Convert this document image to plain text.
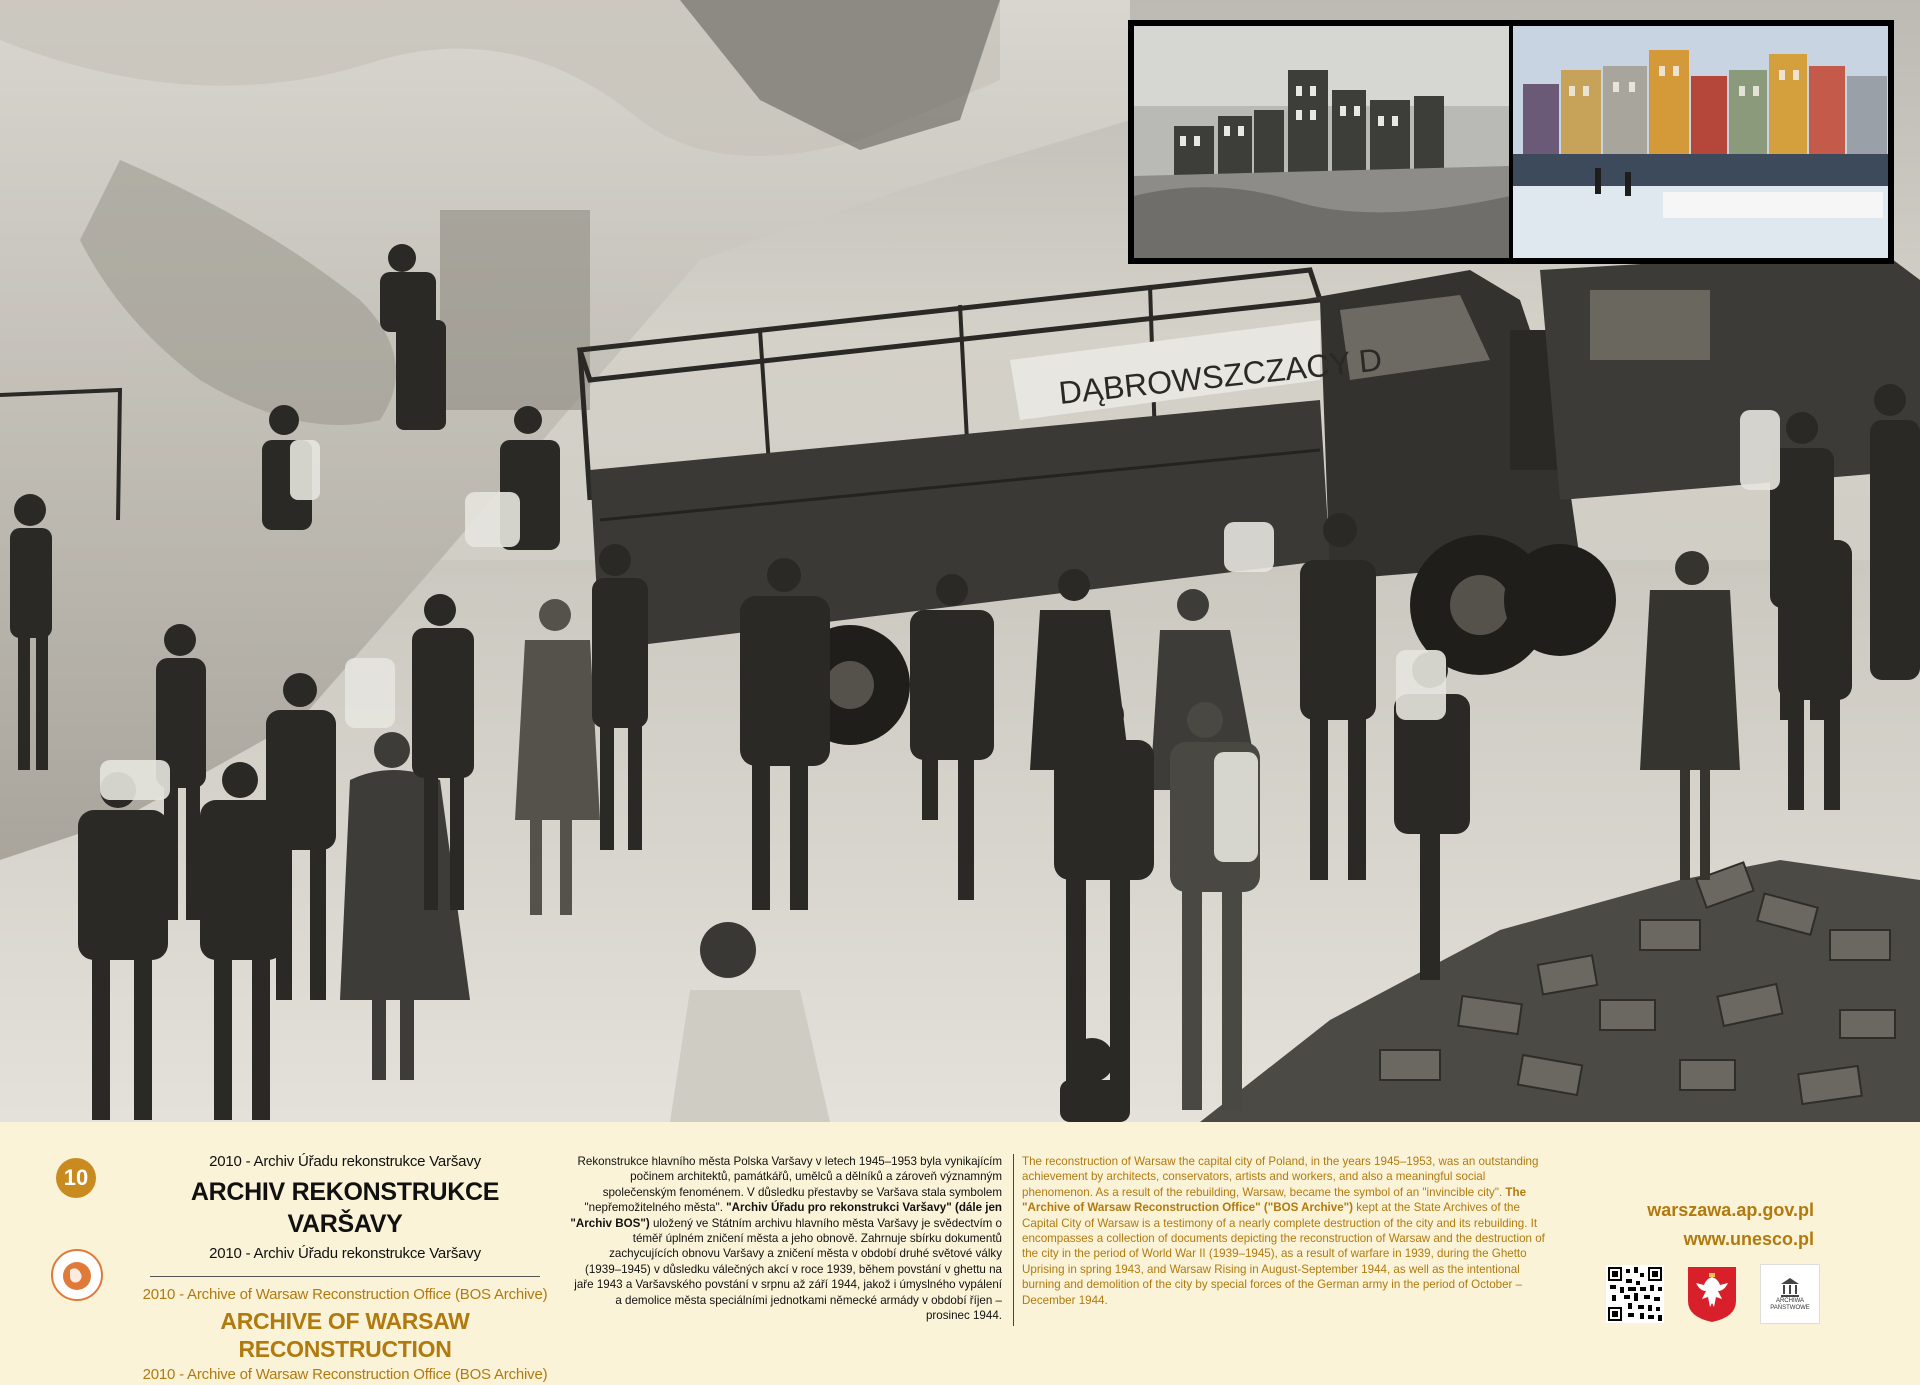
DĄBROWSZCZACY D
10
2010 - Archiv Úřadu rekonstrukce Varšavy
ARCHIV REKONSTRUKCE VARŠAVY
2010 - Archiv Úřadu rekonstrukce Varšavy
2010 - Archive of Warsaw Reconstruction Office (BOS Archive)
ARCHIVE OF WARSAW RECONSTRUCTION
2010 - Archive of Warsaw Reconstruction Office (BOS Archive)
Rekonstrukce hlavního města Polska Varšavy v letech 1945–1953 byla vynikajícím počinem architektů, památkářů, umělců a dělníků a zároveň významným společenským fenoménem. V důsledku přestavby se Varšava stala symbolem "nepřemožitelného města". "Archiv Úřadu pro rekonstrukci Varšavy" (dále jen "Archiv BOS") uložený ve Státním archivu hlavního města Varšavy je svědectvím o téměř úplném zničení města a jeho obnově. Zahrnuje sbírku dokumentů zachycujících obnovu Varšavy a zničení města v období druhé světové války (1939–1945) v důsledku válečných akcí v roce 1939, během povstání v ghettu na jaře 1943 a Varšavského povstání v srpnu až září 1944, jakož i úmyslného vypálení a demolice města speciálními jednotkami německé armády v období říjen – prosinec 1944.
The reconstruction of Warsaw the capital city of Poland, in the years 1945–1953, was an outstanding achievement by architects, conservators, artists and workers, and also a meaningful social phenomenon. As a result of the rebuilding, Warsaw, became the symbol of an "invincible city". The "Archive of Warsaw Reconstruction Office" ("BOS Archive") kept at the State Archives of the Capital City of Warsaw is a testimony of a nearly complete destruction of the city and its rebuilding. It encompasses a collection of documents depicting the reconstruction of Warsaw and the destruction of the city in the period of World War II (1939–1945), as a result of warfare in 1939, during the Ghetto Uprising in spring 1943, and Warsaw Rising in August-September 1944, as well as the intentional burning and demolition of the city by special forces of the German army in the period of October – December 1944.
warszawa.ap.gov.pl
www.unesco.pl
ARCHIWA
PAŃSTWOWE
